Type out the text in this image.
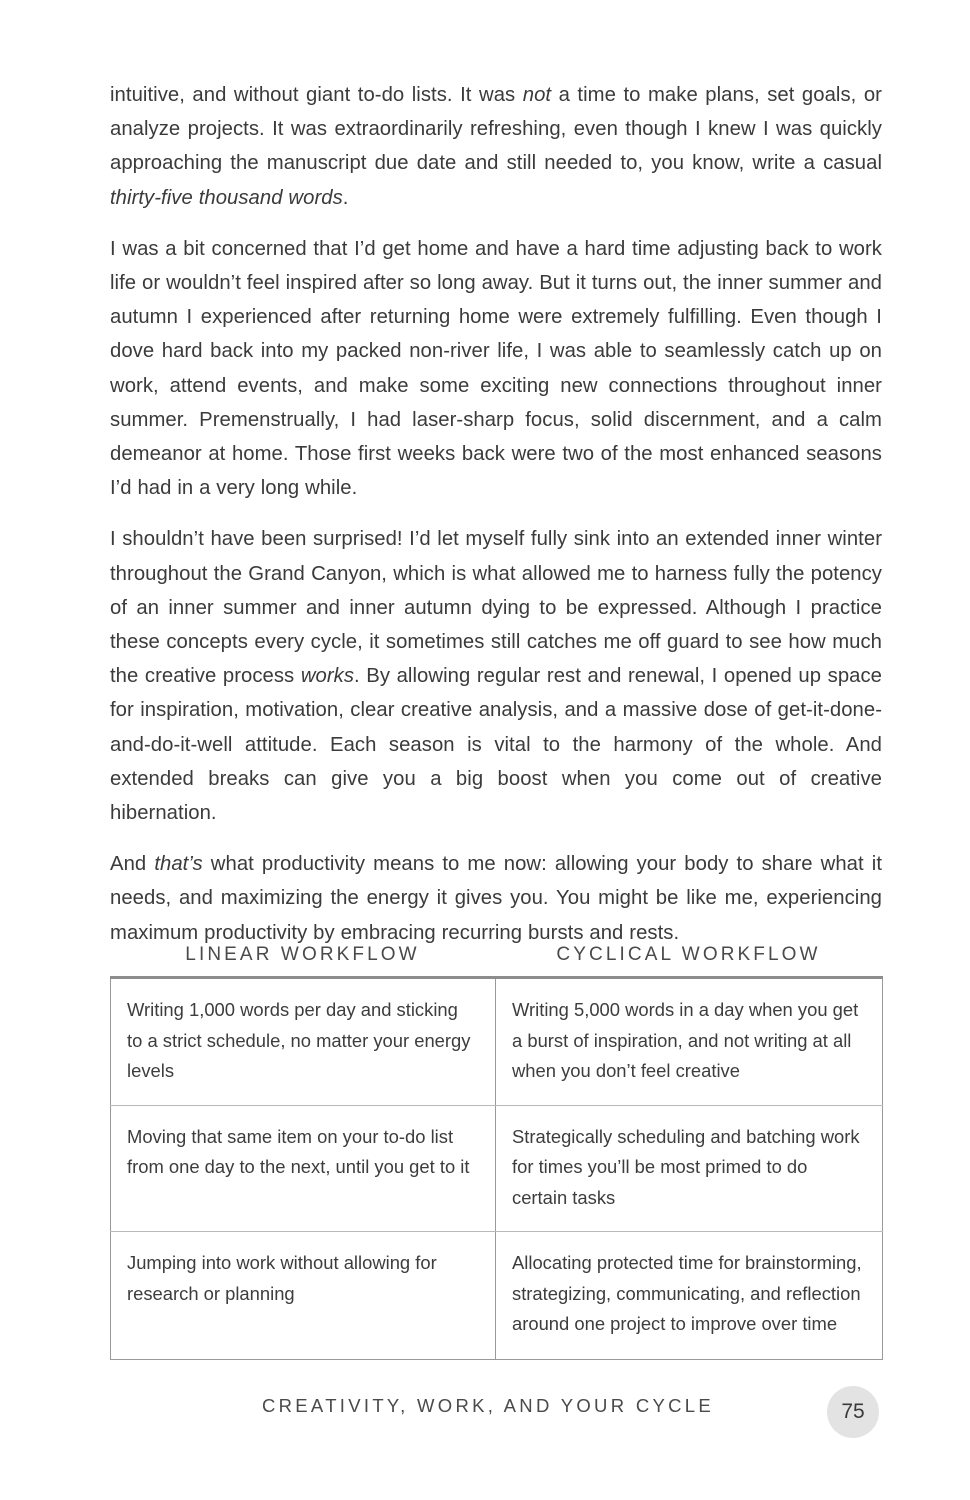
intuitive, and without giant to-do lists. It was not a time to make plans, set goals, or analyze projects. It was extraordinarily refreshing, even though I knew I was quickly approaching the manuscript due date and still needed to, you know, write a casual thirty-five thousand words.

I was a bit concerned that I’d get home and have a hard time adjusting back to work life or wouldn’t feel inspired after so long away. But it turns out, the inner summer and autumn I experienced after returning home were extremely fulfilling. Even though I dove hard back into my packed non-river life, I was able to seamlessly catch up on work, attend events, and make some exciting new connections throughout inner summer. Premenstrually, I had laser-sharp focus, solid discernment, and a calm demeanor at home. Those first weeks back were two of the most enhanced seasons I’d had in a very long while.

I shouldn’t have been surprised! I’d let myself fully sink into an extended inner winter throughout the Grand Canyon, which is what allowed me to harness fully the potency of an inner summer and inner autumn dying to be expressed. Although I practice these concepts every cycle, it sometimes still catches me off guard to see how much the creative process works. By allowing regular rest and renewal, I opened up space for inspiration, motivation, clear creative analysis, and a massive dose of get-it-done-and-do-it-well attitude. Each season is vital to the harmony of the whole. And extended breaks can give you a big boost when you come out of creative hibernation.

And that’s what productivity means to me now: allowing your body to share what it needs, and maximizing the energy it gives you. You might be like me, experiencing maximum productivity by embracing recurring bursts and rests.

LINEAR WORKFLOW	CYCLICAL WORKFLOW
Writing 1,000 words per day and sticking to a strict schedule, no matter your energy levels	Writing 5,000 words in a day when you get a burst of inspiration, and not writing at all when you don’t feel creative
Moving that same item on your to-do list from one day to the next, until you get to it	Strategically scheduling and batching work for times you’ll be most primed to do certain tasks
Jumping into work without allowing for research or planning	Allocating protected time for brainstorming, strategizing, communicating, and reflection around one project to improve over time
CREATIVITY, WORK, AND YOUR CYCLE	75
